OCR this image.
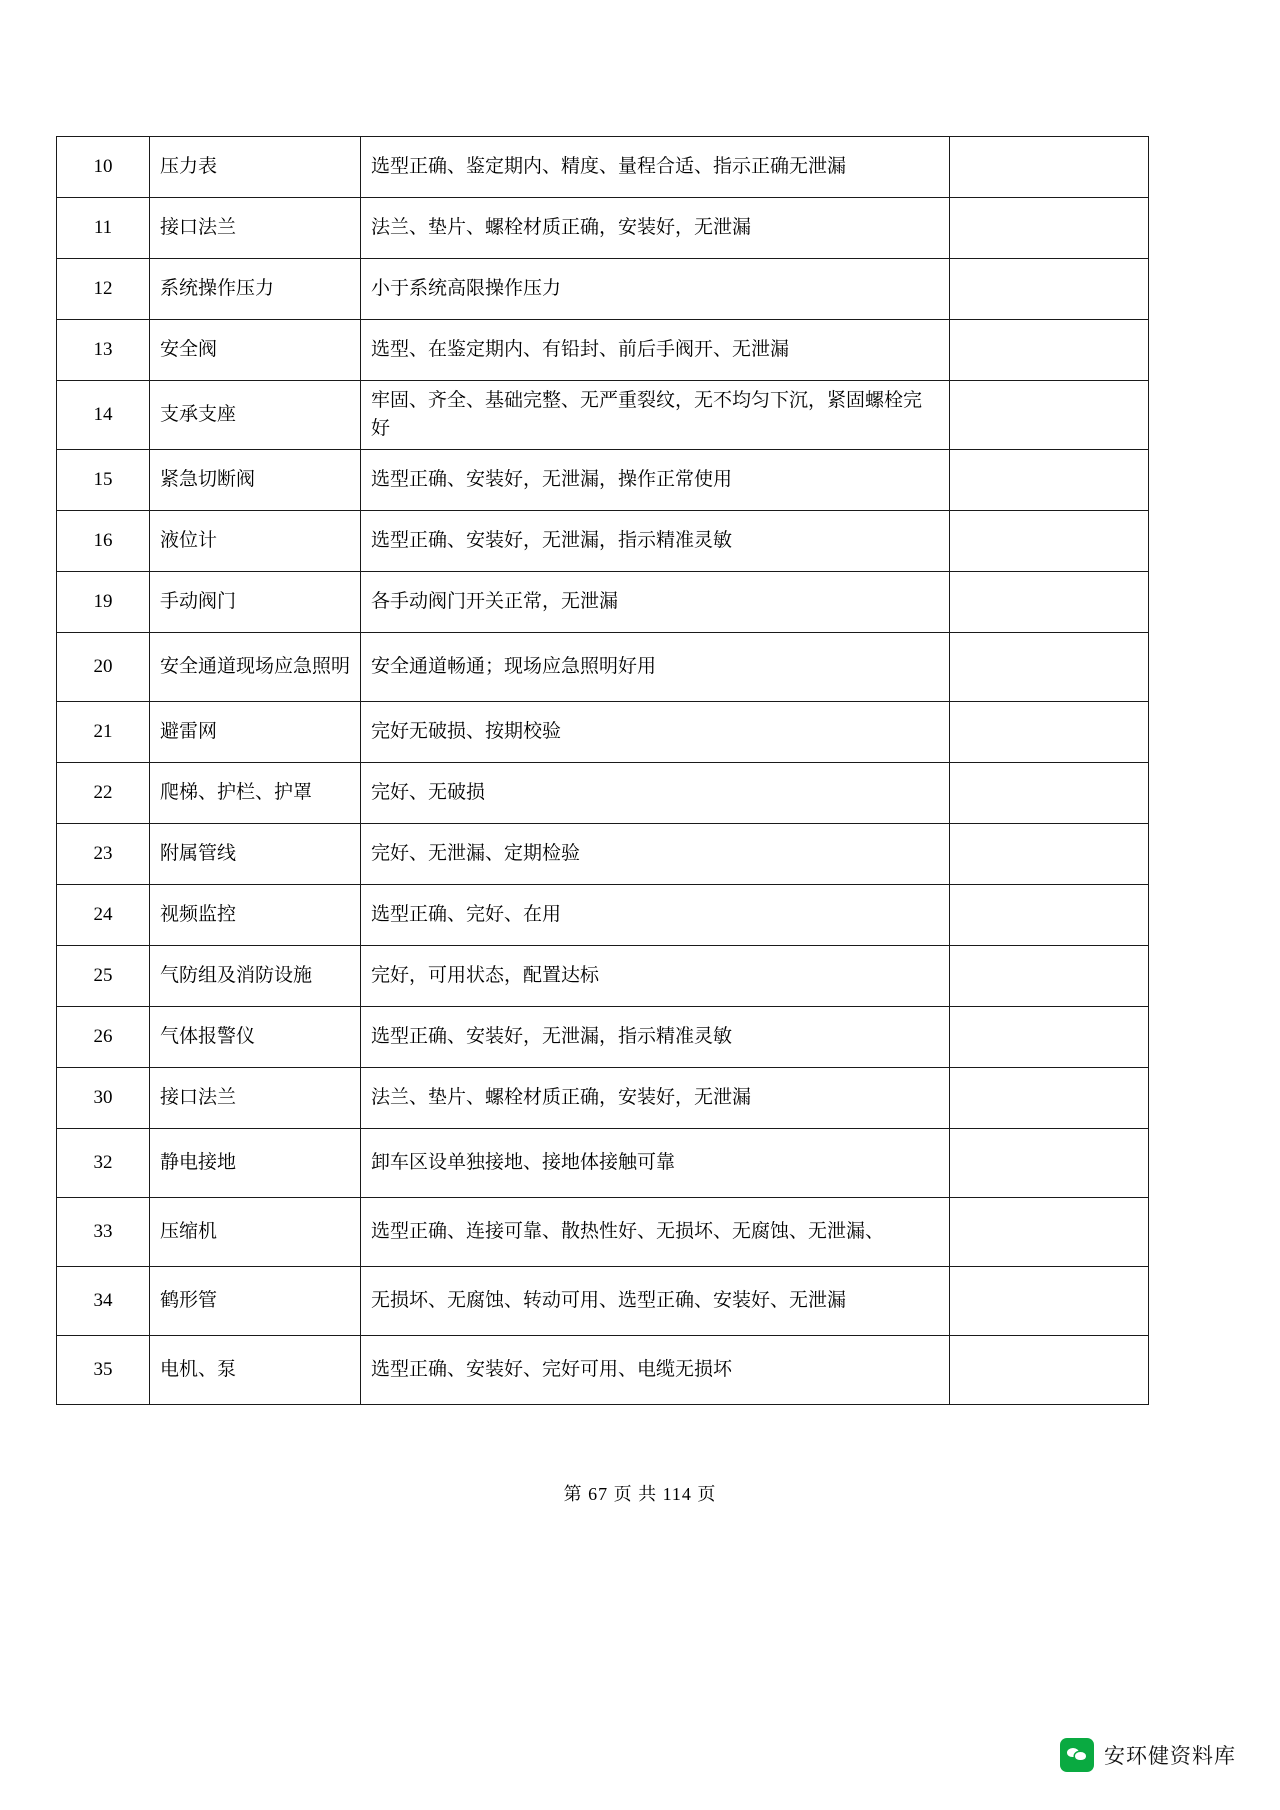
10	压力表	选型正确、鉴定期内、精度、量程合适、指示正确无泄漏	
11	接口法兰	法兰、垫片、螺栓材质正确，安装好，无泄漏	
12	系统操作压力	小于系统高限操作压力	
13	安全阀	选型、在鉴定期内、有铅封、前后手阀开、无泄漏	
14	支承支座	牢固、齐全、基础完整、无严重裂纹，无不均匀下沉，紧固螺栓完好	
15	紧急切断阀	选型正确、安装好，无泄漏，操作正常使用	
16	液位计	选型正确、安装好，无泄漏，指示精准灵敏	
19	手动阀门	各手动阀门开关正常，无泄漏	
20	安全通道现场应急照明	安全通道畅通；现场应急照明好用	
21	避雷网	完好无破损、按期校验	
22	爬梯、护栏、护罩	完好、无破损	
23	附属管线	完好、无泄漏、定期检验	
24	视频监控	选型正确、完好、在用	
25	气防组及消防设施	完好，可用状态，配置达标	
26	气体报警仪	选型正确、安装好，无泄漏，指示精准灵敏	
30	接口法兰	法兰、垫片、螺栓材质正确，安装好，无泄漏	
32	静电接地	卸车区设单独接地、接地体接触可靠	
33	压缩机	选型正确、连接可靠、散热性好、无损坏、无腐蚀、无泄漏、	
34	鹤形管	无损坏、无腐蚀、转动可用、选型正确、安装好、无泄漏	
35	电机、泵	选型正确、安装好、完好可用、电缆无损坏	
第 67 页 共 114 页
安环健资料库
